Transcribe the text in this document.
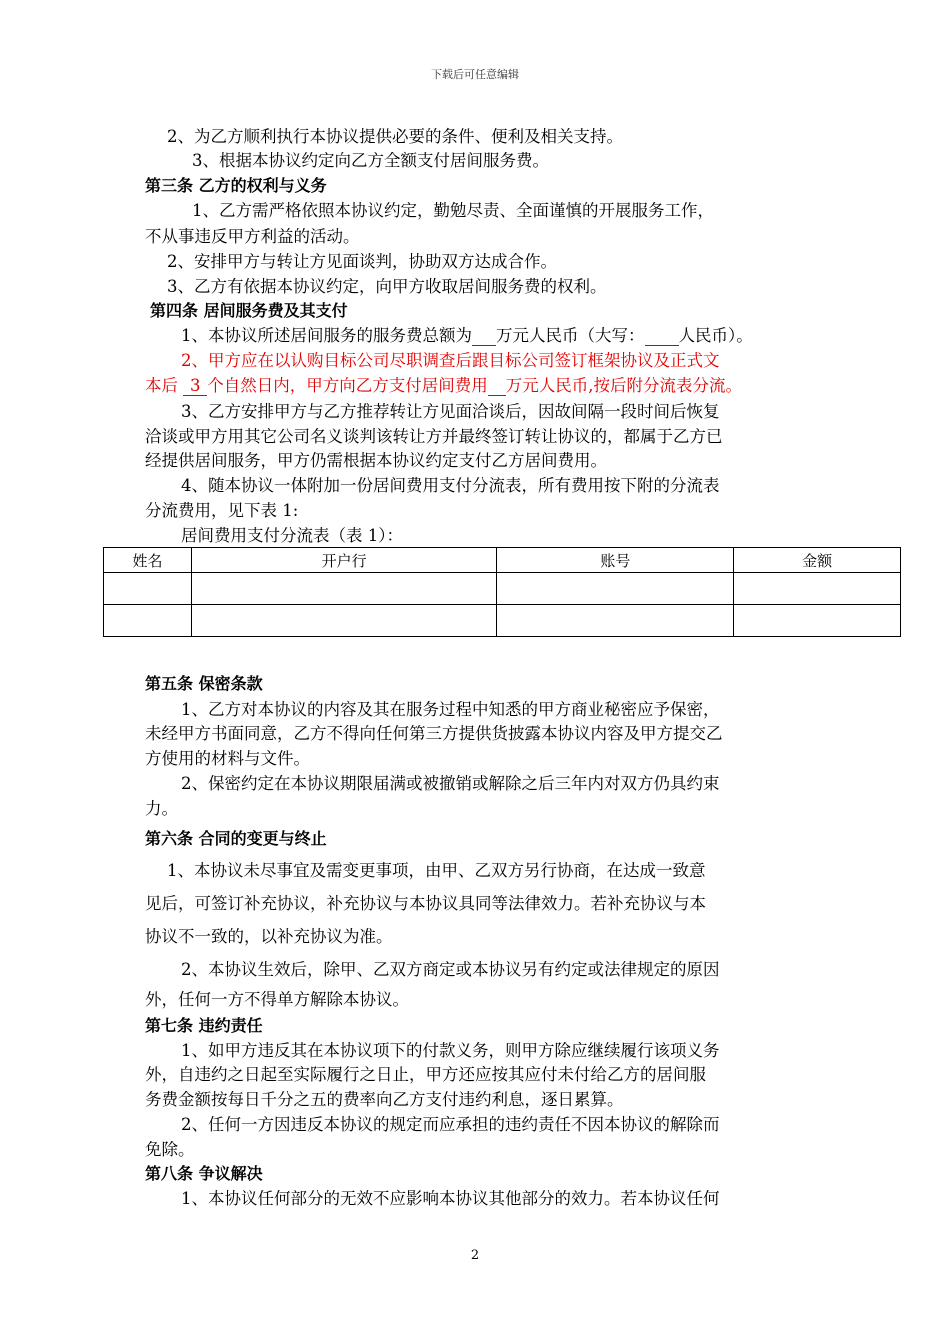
下载后可任意编辑
2、为乙方顺利执行本协议提供必要的条件、便利及相关支持。
3、根据本协议约定向乙方全额支付居间服务费。
第三条 乙方的权利与义务
1、乙方需严格依照本协议约定，勤勉尽责、全面谨慎的开展服务工作，
不从事违反甲方利益的活动。
2、安排甲方与转让方见面谈判，协助双方达成合作。
3、乙方有依据本协议约定，向甲方收取居间服务费的权利。
第四条 居间服务费及其支付
1、本协议所述居间服务的服务费总额为 万元人民币（大写： 人民币）。
2、甲方应在以认购目标公司尽职调查后跟目标公司签订框架协议及正式文
本后 3 个自然日内，甲方向乙方支付居间费用 万元人民币,按后附分流表分流。
3、乙方安排甲方与乙方推荐转让方见面洽谈后，因故间隔一段时间后恢复
洽谈或甲方用其它公司名义谈判该转让方并最终签订转让协议的，都属于乙方已
经提供居间服务，甲方仍需根据本协议约定支付乙方居间费用。
4、随本协议一体附加一份居间费用支付分流表，所有费用按下附的分流表
分流费用，见下表 1:
居间费用支付分流表（表 1）：
姓名	开户行	账号	金额

第五条 保密条款
1、乙方对本协议的内容及其在服务过程中知悉的甲方商业秘密应予保密，
未经甲方书面同意，乙方不得向任何第三方提供货披露本协议内容及甲方提交乙
方使用的材料与文件。
2、保密约定在本协议期限届满或被撤销或解除之后三年内对双方仍具约束
力。
第六条 合同的变更与终止
1、本协议未尽事宜及需变更事项，由甲、乙双方另行协商，在达成一致意
见后，可签订补充协议，补充协议与本协议具同等法律效力。若补充协议与本
协议不一致的，以补充协议为准。
2、本协议生效后，除甲、乙双方商定或本协议另有约定或法律规定的原因
外，任何一方不得单方解除本协议。
第七条 违约责任
1、如甲方违反其在本协议项下的付款义务，则甲方除应继续履行该项义务
外，自违约之日起至实际履行之日止，甲方还应按其应付未付给乙方的居间服
务费金额按每日千分之五的费率向乙方支付违约利息，逐日累算。
2、任何一方因违反本协议的规定而应承担的违约责任不因本协议的解除而
免除。
第八条 争议解决
1、本协议任何部分的无效不应影响本协议其他部分的效力。若本协议任何
2
